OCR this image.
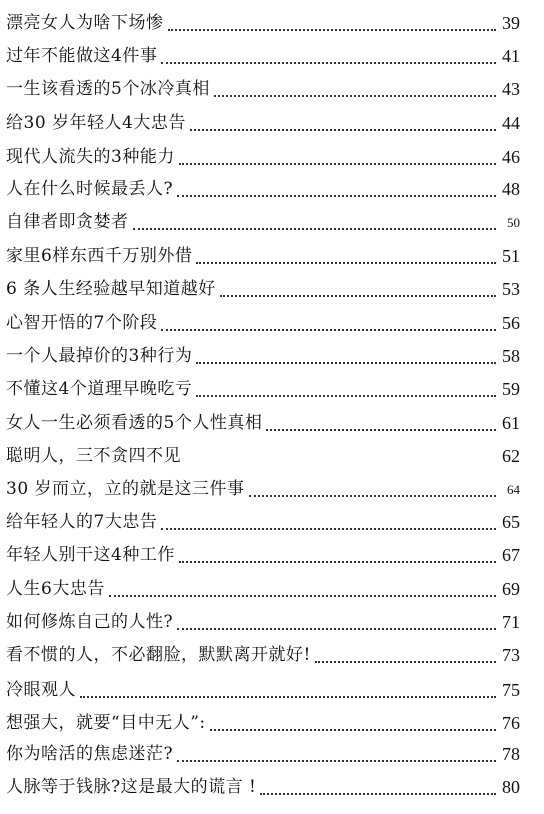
漂亮女人为啥下场惨	39
过年不能做这4件事	41
一生该看透的5个冰冷真相	43
给30 岁年轻人4大忠告	44
现代人流失的3种能力	46
人在什么时候最丢人?	48
自律者即贪婪者	50
家里6样东西千万别外借	51
6 条人生经验越早知道越好	53
心智开悟的7个阶段	56
一个人最掉价的3种行为	58
不懂这4个道理早晚吃亏	59
女人一生必须看透的5个人性真相	61
聪明人，三不贪四不见	62
30 岁而立，立的就是这三件事	64
给年轻人的7大忠告	65
年轻人别干这4种工作	67
人生6大忠告	69
如何修炼自己的人性?	71
看不惯的人，不必翻脸，默默离开就好!	73
冷眼观人	75
想强大，就要“目中无人”:	76
你为啥活的焦虑迷茫?	78
人脉等于钱脉?这是最大的谎言 !	80
